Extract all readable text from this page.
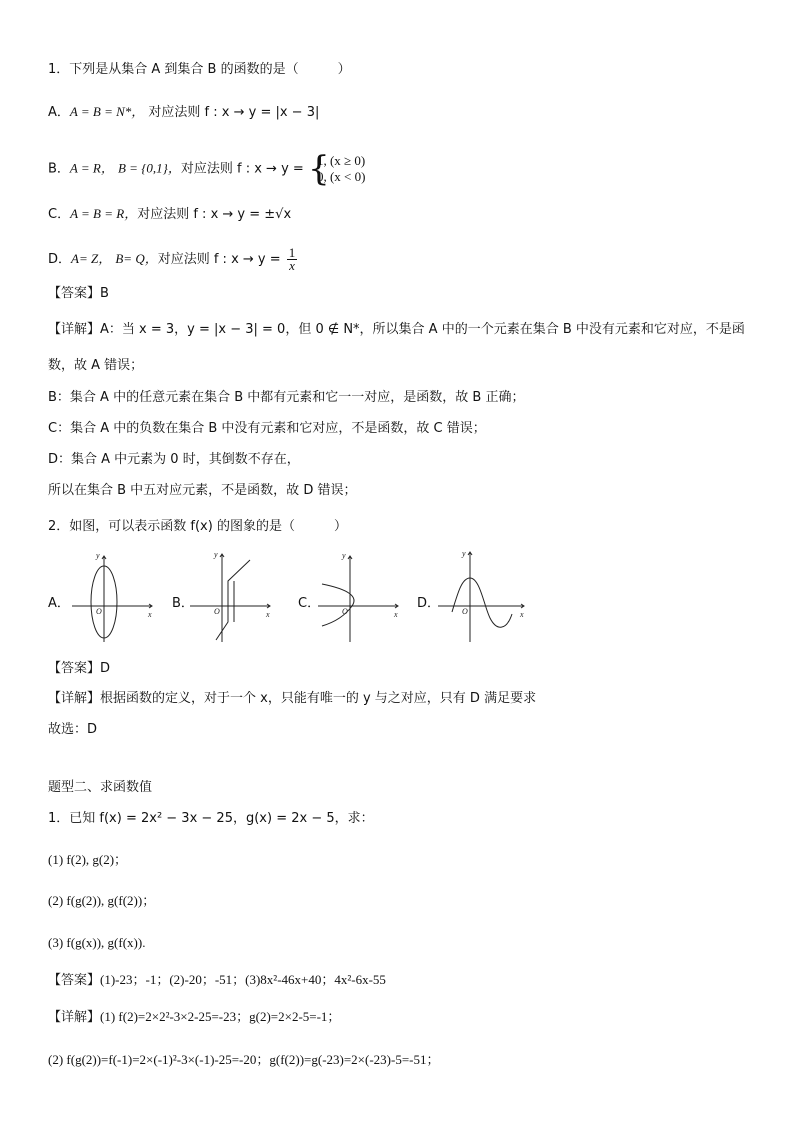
1．下列是从集合 A 到集合 B 的函数的是（　　　）
A．A = B = N*， 对应法则 f : x → y = |x − 3|
B．A = R， B = {0,1}，对应法则 f : x → y = {
1, (x ≥ 0)
0, (x < 0)
C．A = B = R，对应法则 f : x → y = ±√x
D．A= Z， B= Q，对应法则 f : $x \to y = \frac{1}{x}$
【答案】B
【详解】A：当 x = 3，y = |x − 3| = 0，但 0 ∉ N*，所以集合 A 中的一个元素在集合 B 中没有元素和它对应，不是函
数，故 A 错误；
B：集合 A 中的任意元素在集合 B 中都有元素和它一一对应，是函数，故 B 正确；
C：集合 A 中的负数在集合 B 中没有元素和它对应，不是函数，故 C 错误；
D：集合 A 中元素为 0 时，其倒数不存在，
所以在集合 B 中五对应元素，不是函数，故 D 错误；
2．如图，可以表示函数 f(x) 的图象的是（　　　）
A．
y
x
O
B．
y
x
O
C．
y
x
O
D．
y
x
O
【答案】D
【详解】根据函数的定义，对于一个 x，只能有唯一的 y 与之对应，只有 D 满足要求
故选：D
题型二、求函数值
1．已知 f(x) = 2x² − 3x − 25，g(x) = 2x − 5，求：
(1) f(2), g(2)；
(2) f(g(2)), g(f(2))；
(3) f(g(x)), g(f(x)).
【答案】(1)-23；-1；(2)-20；-51；(3)8x²-46x+40；4x²-6x-55
【详解】(1) f(2)=2×2²-3×2-25=-23；g(2)=2×2-5=-1；
(2) f(g(2))=f(-1)=2×(-1)²-3×(-1)-25=-20；g(f(2))=g(-23)=2×(-23)-5=-51；
